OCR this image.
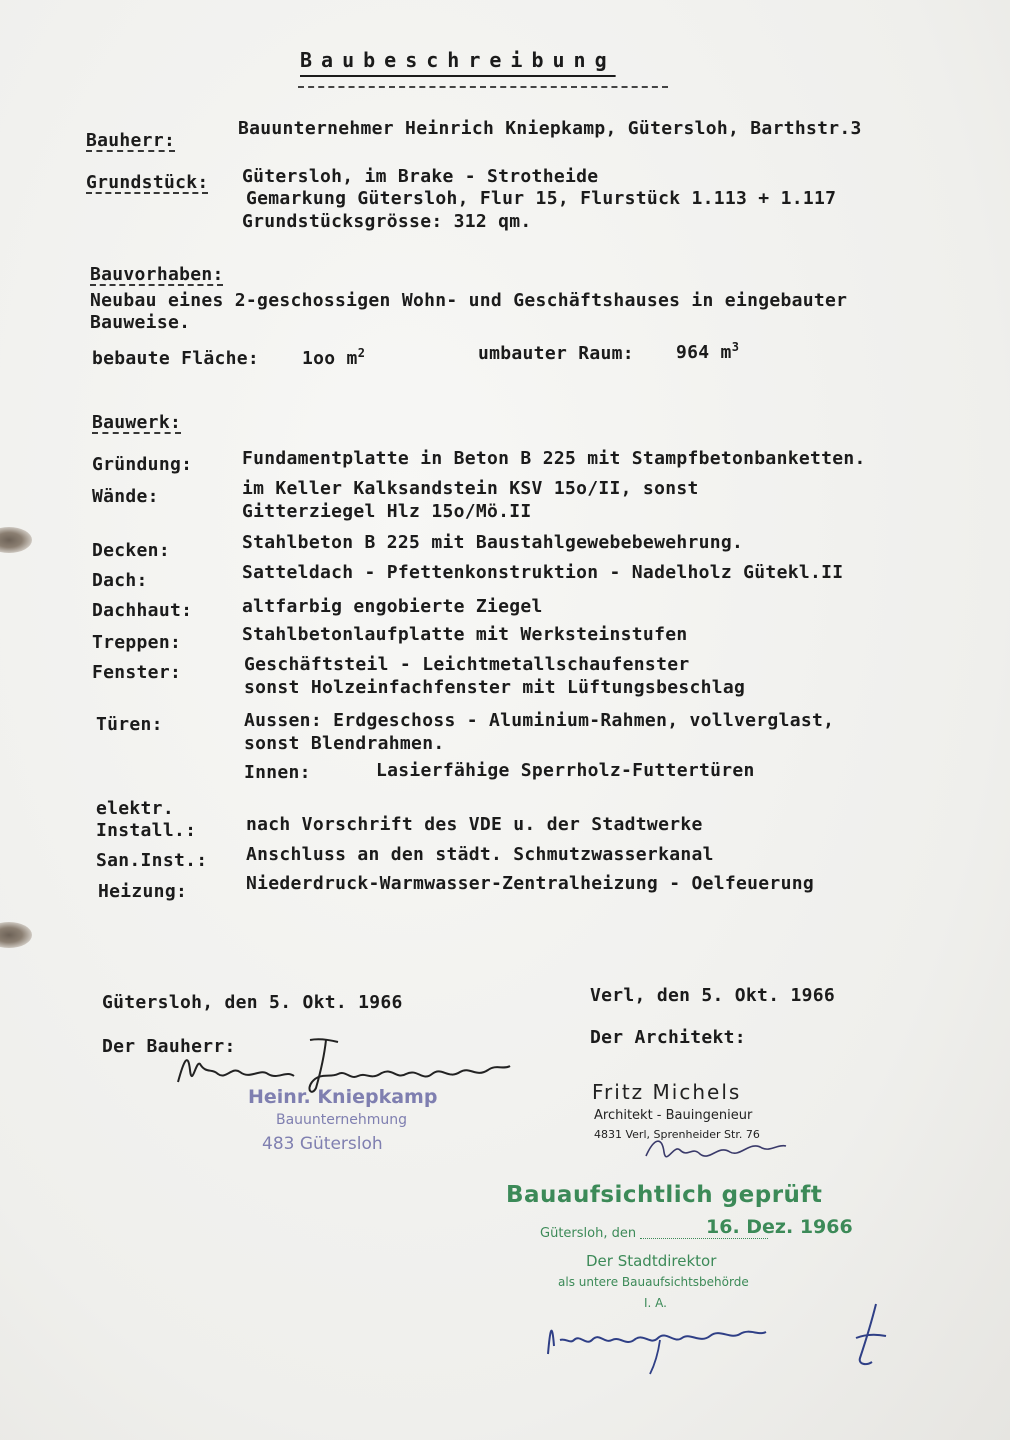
Baubeschreibung
Bauherr:
Bauunternehmer Heinrich Kniepkamp, Gütersloh, Barthstr.3
Grundstück: Gütersloh, im Brake - Strotheide
Gemarkung Gütersloh, Flur 15, Flurstück 1.113 + 1.117
Grundstücksgrösse: 312 qm.
Bauvorhaben:
Neubau eines 2-geschossigen Wohn- und Geschäftshauses in eingebauter
Bauweise.
bebaute Fläche: 1oo $m^2$	umbauter Raum: 964 $m^3$
Bauwerk:
Gründung:	Fundamentplatte in Beton B 225 mit Stampfbetonbanketten.
Wände:	im Keller Kalksandstein KSV 15o/II, sonst
Gitterziegel Hlz 15o/Mö.II
Decken:	Stahlbeton B 225 mit Baustahlgewebebewehrung.
Dach:	Satteldach - Pfettenkonstruktion - Nadelholz Gütekl.II
Dachhaut:	altfarbig engobierte Ziegel
Treppen:	Stahlbetonlaufplatte mit Werksteinstufen
Fenster:	Geschäftsteil - Leichtmetallschaufenster
sonst Holzeinfachfenster mit Lüftungsbeschlag
Türen:	Aussen: Erdgeschoss - Aluminium-Rahmen, vollverglast,
sonst Blendrahmen.
Innen:	Lasierfähige Sperrholz-Futtertüren
elektr.
Install.:	nach Vorschrift des VDE u. der Stadtwerke
San.Inst.: Anschluss an den städt. Schmutzwasserkanal
Heizung:	Niederdruck-Warmwasser-Zentralheizung - Oelfeuerung
Gütersloh, den 5. Okt. 1966
Der Bauherr:
Verl, den 5. Okt. 1966
Der Architekt:
Heinr. Kniepkamp
Bauunternehmung
483 Gütersloh
Fritz Michels
Architekt - Bauingenieur
4831 Verl, Sprenheider Str. 76
Bauaufsichtlich geprüft
Gütersloh, den	16. Dez. 1966
Der Stadtdirektor
als untere Bauaufsichtsbehörde
I. A.
